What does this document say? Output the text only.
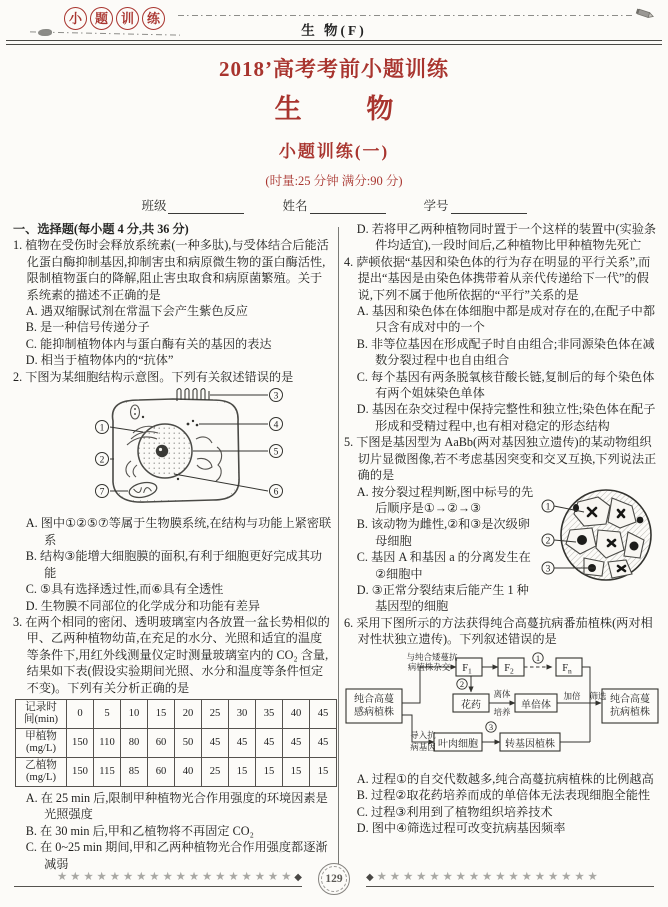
小 题 训 练
生 物(F)
2018’高考考前小题训练
生物
小题训练(一)
(时量:25 分钟 满分:90 分)
班级	姓名	学号
一、选择题(每小题 4 分,共 36 分)
1. 植物在受伤时会释放系统素(一种多肽),与受体结合后能活化蛋白酶抑制基因,抑制害虫和病原微生物的蛋白酶活性,限制植物蛋白的降解,阻止害虫取食和病原菌繁殖。关于系统素的描述不正确的是
A. 遇双缩脲试剂在常温下会产生紫色反应
B. 是一种信号传递分子
C. 能抑制植物体内与蛋白酶有关的基因的表达
D. 相当于植物体内的“抗体”
2. 下图为某细胞结构示意图。下列有关叙述错误的是
1
2
3
4
5
6
7
A. 图中①②⑤⑦等属于生物膜系统,在结构与功能上紧密联系
B. 结构③能增大细胞膜的面积,有利于细胞更好完成其功能
C. ⑤具有选择透过性,而⑥具有全透性
D. 生物膜不同部位的化学成分和功能有差异
3. 在两个相同的密闭、透明玻璃室内各放置一盆长势相似的甲、乙两种植物幼苗,在充足的水分、光照和适宜的温度等条件下,用红外线测量仪定时测量玻璃室内的 CO₂ 含量,结果如下表(假设实验期间光照、水分和温度等条件恒定不变)。下列有关分析正确的是
记录时
间(min)	0	5	10	15	20	25	30	35	40	45
甲植物
(mg/L)	150	110	80	60	50	45	45	45	45	45
乙植物
(mg/L)	150	115	85	60	40	25	15	15	15	15
A. 在 25 min 后,限制甲种植物光合作用强度的环境因素是光照强度
B. 在 30 min 后,甲和乙植物将不再固定 CO₂
C. 在 0~25 min 期间,甲和乙两种植物光合作用强度都逐渐减弱
D. 若将甲乙两种植物同时置于一个这样的装置中(实验条件均适宜),一段时间后,乙种植物比甲种植物先死亡
4. 萨顿依据“基因和染色体的行为存在明显的平行关系”,而提出“基因是由染色体携带着从亲代传递给下一代”的假说,下列不属于他所依据的“平行”关系的是
A. 基因和染色体在体细胞中都是成对存在的,在配子中都只含有成对中的一个
B. 非等位基因在形成配子时自由组合;非同源染色体在减数分裂过程中也自由组合
C. 每个基因有两条脱氧核苷酸长链,复制后的每个染色体有两个姐妹染色单体
D. 基因在杂交过程中保持完整性和独立性;染色体在配子形成和受精过程中,也有相对稳定的形态结构
5. 下图是基因型为 AaBb(两对基因独立遗传)的某动物组织切片显微图像,若不考虑基因突变和交叉互换,下列说法正确的是
1
2
3
A. 按分裂过程判断,图中标号的先后顺序是①→②→③
B. 该动物为雌性,②和③是次级卵母细胞
C. 基因 A 和基因 a 的分离发生在②细胞中
D. ③正常分裂结束后能产生 1 种基因型的细胞
6. 采用下图所示的方法获得纯合高蔓抗病番茄植株(两对相对性状独立遗传)。下列叙述错误的是
1
2
3
纯合高蔓
感病植株
纯合高蔓
抗病植株
花药	单倍体
叶肉细胞	转基因植株
与纯合矮蔓抗
病植株杂交
离体
培养
加倍 筛选
导入抗
病基因
$F_1$	$F_2$	$F_n$
A. 过程①的自交代数越多,纯合高蔓抗病植株的比例越高
B. 过程②取花药培养而成的单倍体无法表现细胞全能性
C. 过程③利用到了植物组织培养技术
D. 图中④筛选过程可改变抗病基因频率
★ ★ ★ ★ ★ ★ ★ ★ ★ ★ ★ ★ ★ ★ ★ ★ ★ ★ ◆ 129 ◆ ★ ★ ★ ★ ★ ★ ★ ★ ★ ★ ★ ★ ★ ★ ★ ★ ★
